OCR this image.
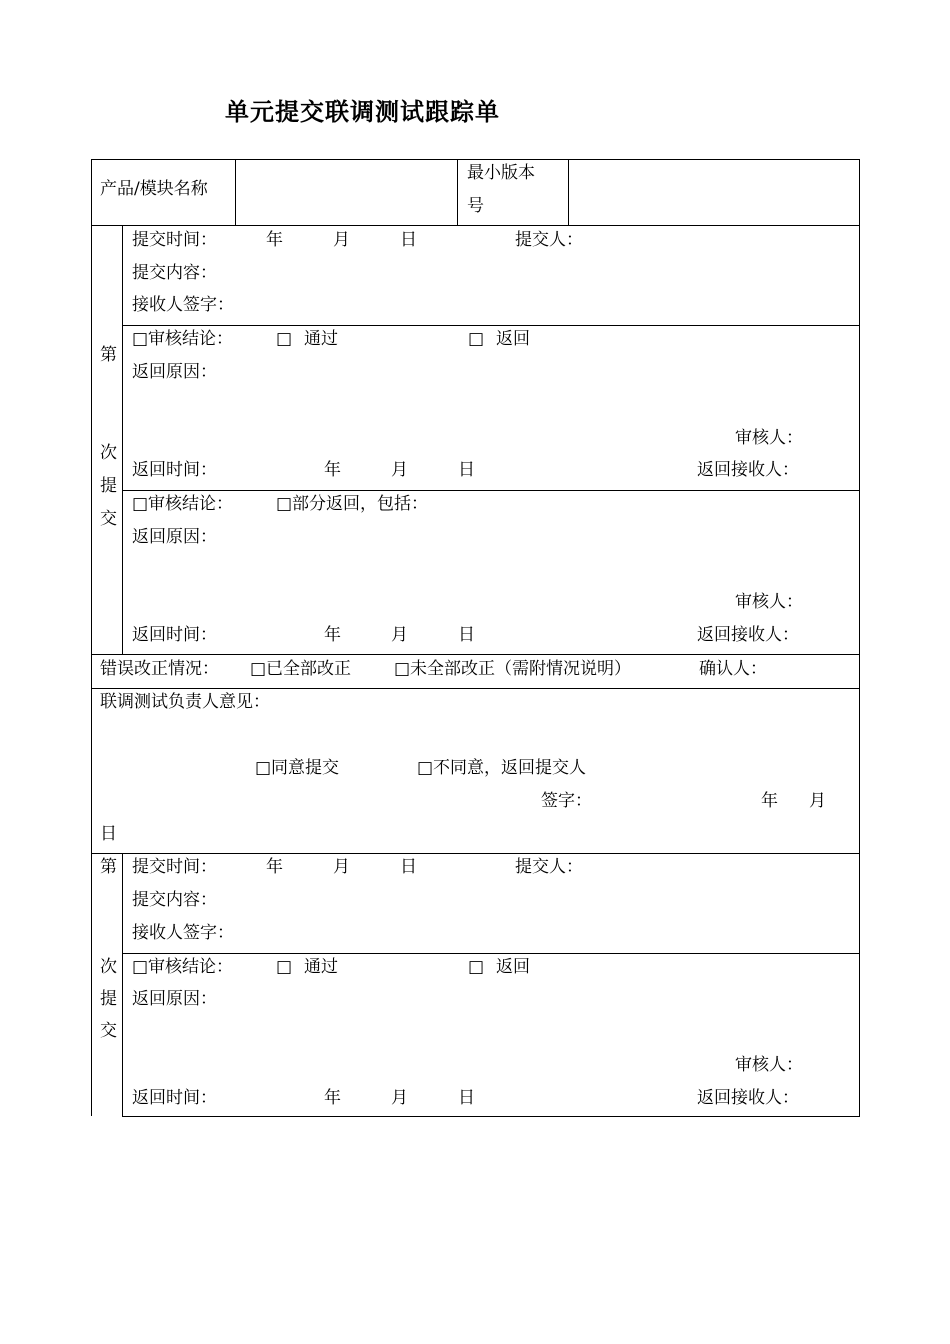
单元提交联调测试跟踪单
产品/模块名称
最小版本
号
第
次
提
交
提交时间：	年	月	日	提交人：
提交内容：
接收人签字：
□审核结论：	□ 通过	□ 返回
返回原因：
审核人：
返回时间：	年	月	日	返回接收人：
□审核结论：	□部分返回，包括：
返回原因：
审核人：
返回时间：	年	月	日	返回接收人：
错误改正情况： □已全部改正	□未全部改正（需附情况说明）	确认人：
联调测试负责人意见：
□同意提交	□不同意，返回提交人
签字：	年 月
日
第
次
提
交
提交时间：	年	月	日	提交人：
提交内容：
接收人签字：
□审核结论：	□ 通过	□ 返回
返回原因：
审核人：
返回时间：	年	月	日	返回接收人：
